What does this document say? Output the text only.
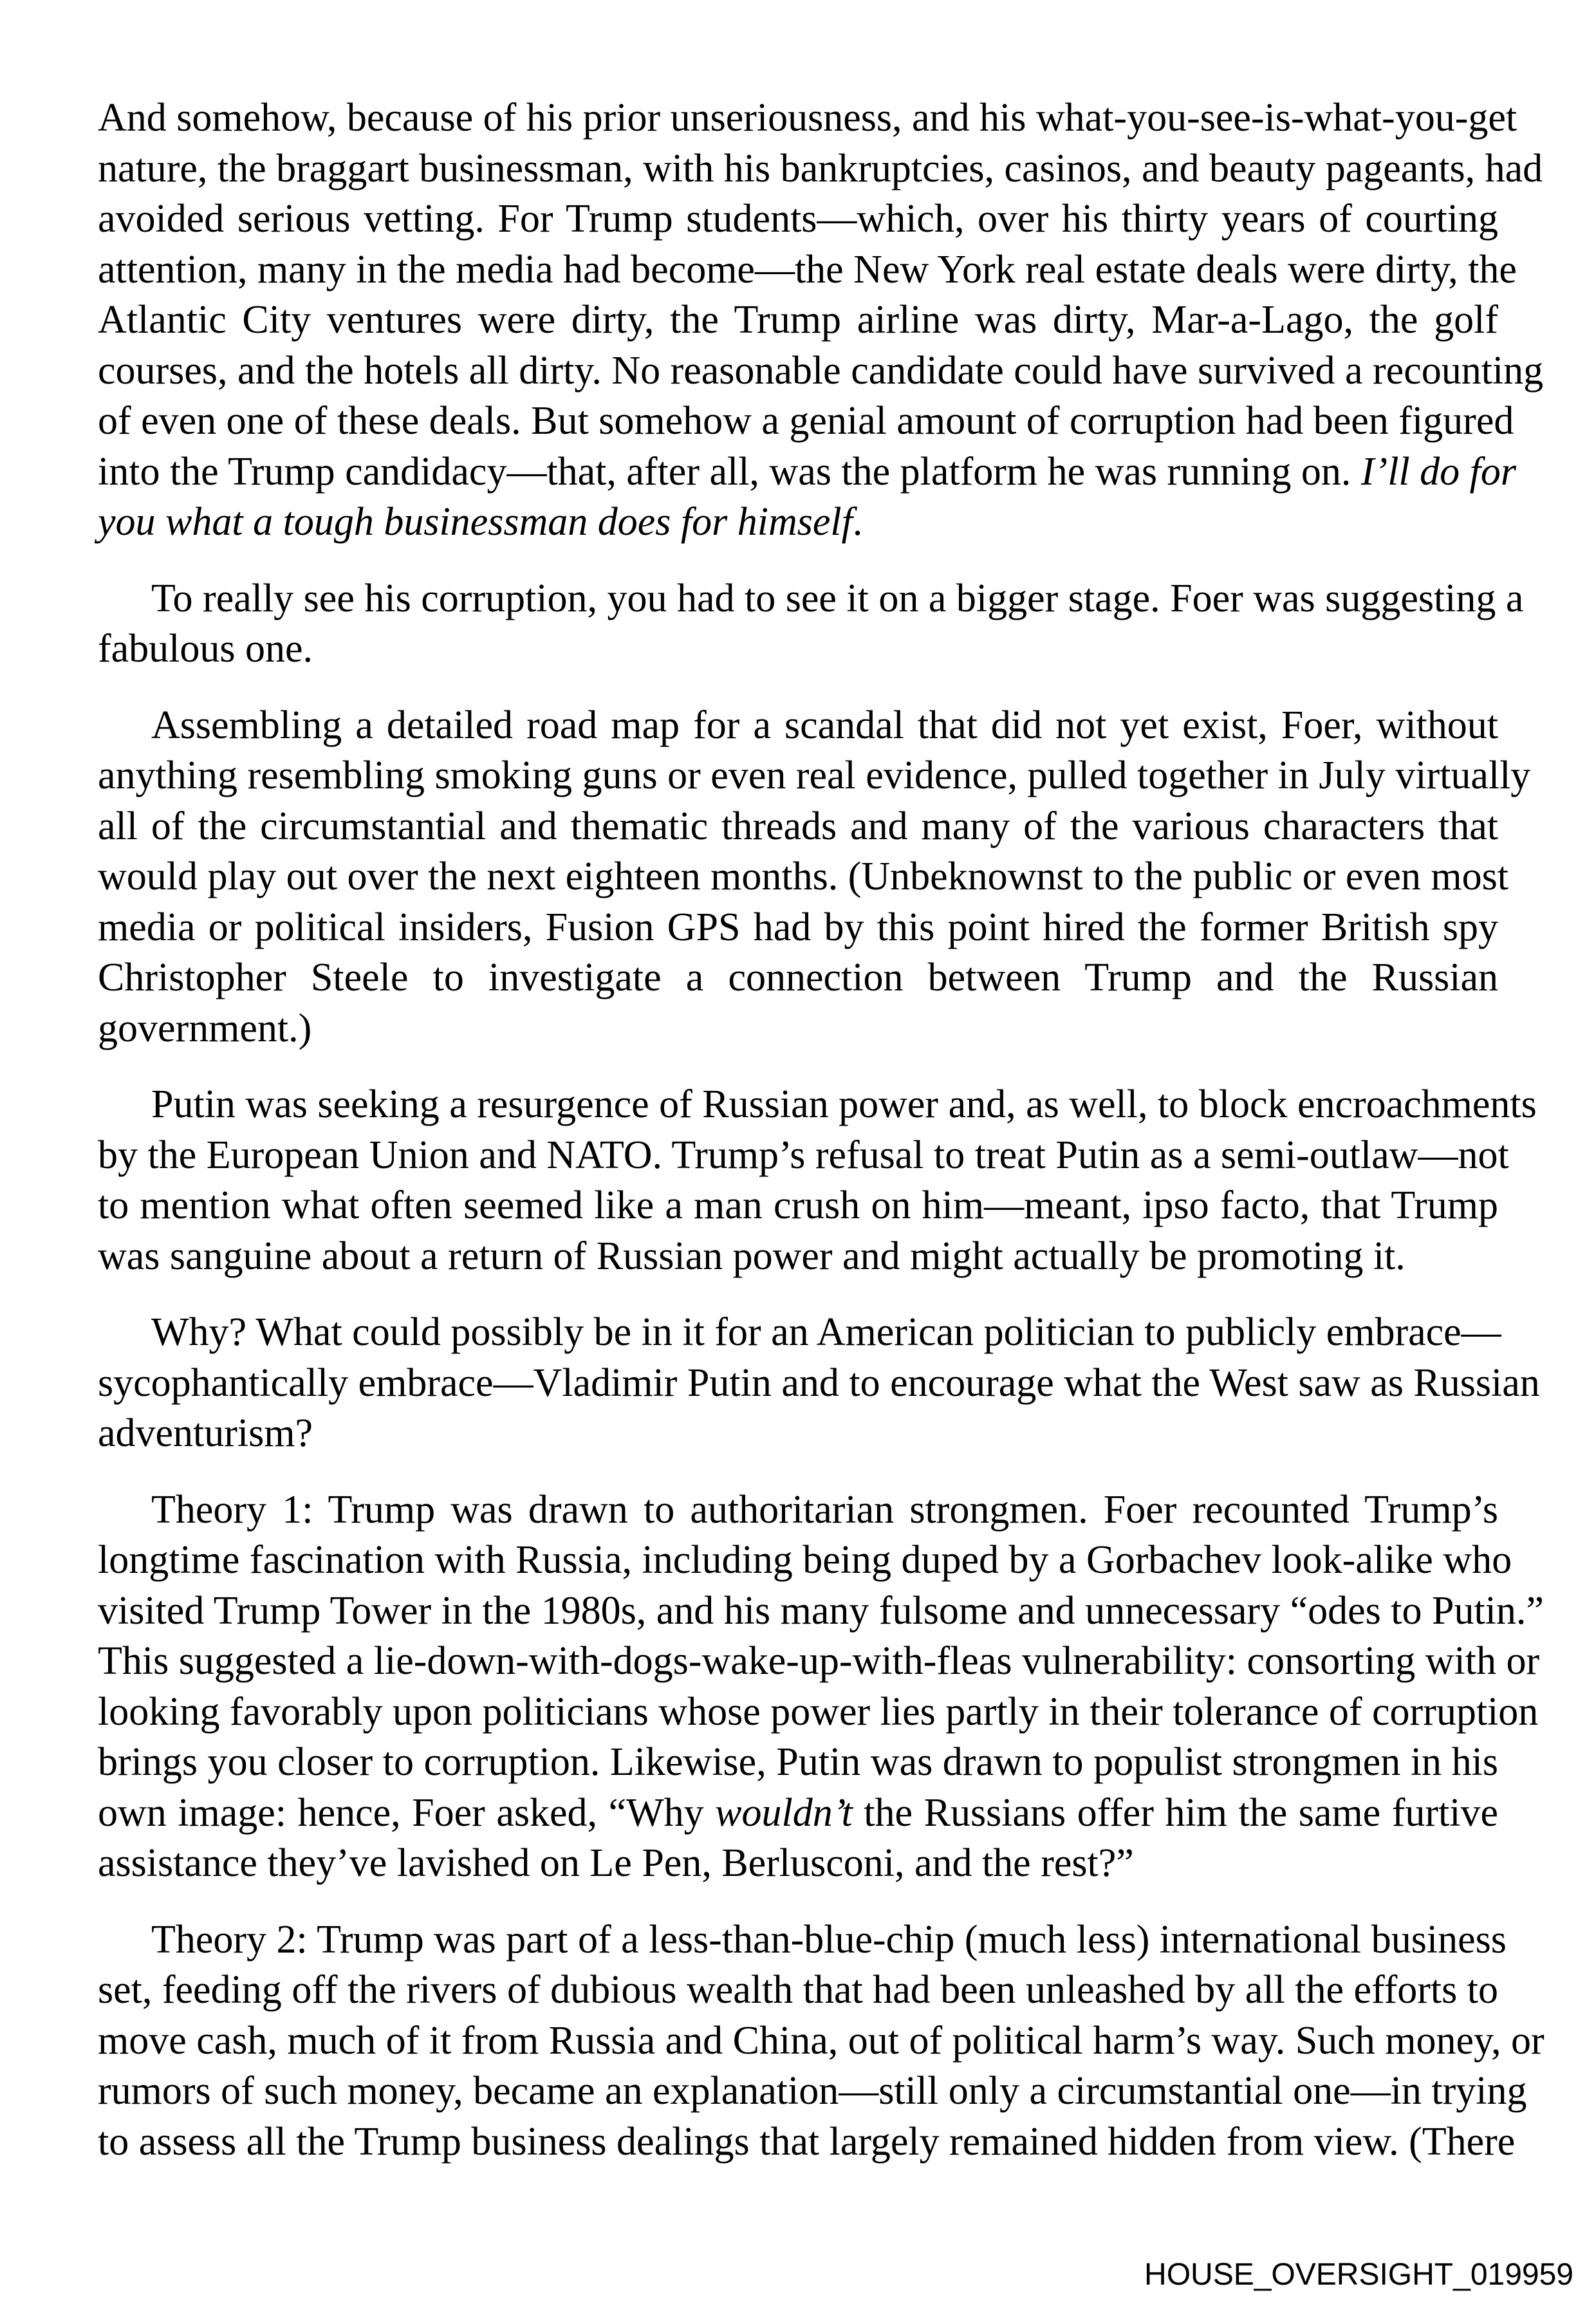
And somehow, because of his prior unseriousness, and his what-you-see-is-what-you-get
nature, the braggart businessman, with his bankruptcies, casinos, and beauty pageants, had
avoided serious vetting. For Trump students—which, over his thirty years of courting
attention, many in the media had become—the New York real estate deals were dirty, the
Atlantic City ventures were dirty, the Trump airline was dirty, Mar-a-Lago, the golf
courses, and the hotels all dirty. No reasonable candidate could have survived a recounting
of even one of these deals. But somehow a genial amount of corruption had been figured
into the Trump candidacy—that, after all, was the platform he was running on. I’ll do for
you what a tough businessman does for himself.
To really see his corruption, you had to see it on a bigger stage. Foer was suggesting a
fabulous one.
Assembling a detailed road map for a scandal that did not yet exist, Foer, without
anything resembling smoking guns or even real evidence, pulled together in July virtually
all of the circumstantial and thematic threads and many of the various characters that
would play out over the next eighteen months. (Unbeknownst to the public or even most
media or political insiders, Fusion GPS had by this point hired the former British spy
Christopher Steele to investigate a connection between Trump and the Russian
government.)
Putin was seeking a resurgence of Russian power and, as well, to block encroachments
by the European Union and NATO. Trump’s refusal to treat Putin as a semi-outlaw—not
to mention what often seemed like a man crush on him—meant, ipso facto, that Trump
was sanguine about a return of Russian power and might actually be promoting it.
Why? What could possibly be in it for an American politician to publicly embrace—
sycophantically embrace—Vladimir Putin and to encourage what the West saw as Russian
adventurism?
Theory 1: Trump was drawn to authoritarian strongmen. Foer recounted Trump’s
longtime fascination with Russia, including being duped by a Gorbachev look-alike who
visited Trump Tower in the 1980s, and his many fulsome and unnecessary “odes to Putin.”
This suggested a lie-down-with-dogs-wake-up-with-fleas vulnerability: consorting with or
looking favorably upon politicians whose power lies partly in their tolerance of corruption
brings you closer to corruption. Likewise, Putin was drawn to populist strongmen in his
own image: hence, Foer asked, “Why wouldn’t the Russians offer him the same furtive
assistance they’ve lavished on Le Pen, Berlusconi, and the rest?”
Theory 2: Trump was part of a less-than-blue-chip (much less) international business
set, feeding off the rivers of dubious wealth that had been unleashed by all the efforts to
move cash, much of it from Russia and China, out of political harm’s way. Such money, or
rumors of such money, became an explanation—still only a circumstantial one—in trying
to assess all the Trump business dealings that largely remained hidden from view. (There
HOUSE_OVERSIGHT_019959
